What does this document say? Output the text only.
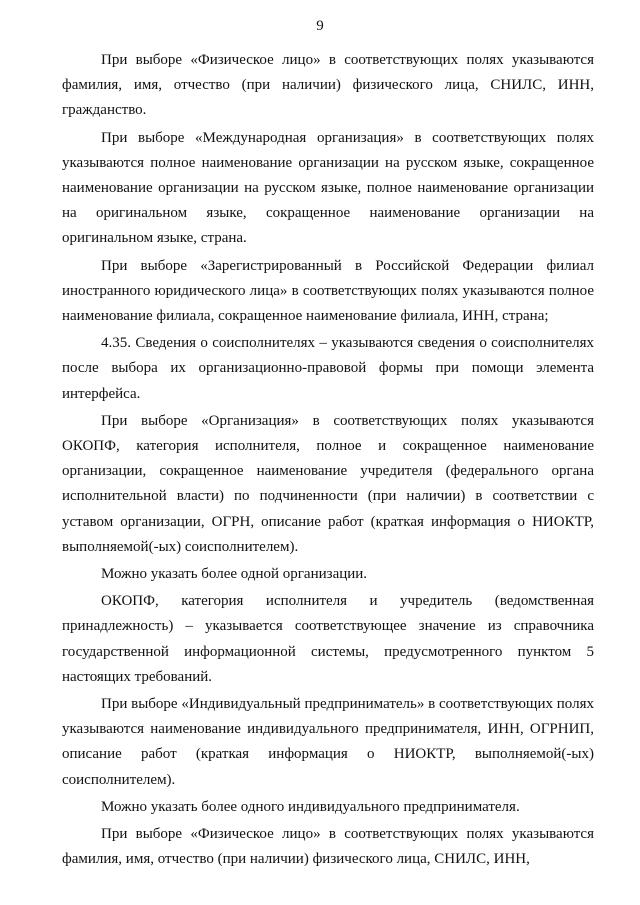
9

При выборе «Физическое лицо» в соответствующих полях указываются фамилия, имя, отчество (при наличии) физического лица, СНИЛС, ИНН, гражданство.

При выборе «Международная организация» в соответствующих полях указываются полное наименование организации на русском языке, сокращенное наименование организации на русском языке, полное наименование организации на оригинальном языке, сокращенное наименование организации на оригинальном языке, страна.

При выборе «Зарегистрированный в Российской Федерации филиал иностранного юридического лица» в соответствующих полях указываются полное наименование филиала, сокращенное наименование филиала, ИНН, страна;

4.35. Сведения о соисполнителях – указываются сведения о соисполнителях после выбора их организационно-правовой формы при помощи элемента интерфейса.

При выборе «Организация» в соответствующих полях указываются ОКОПФ, категория исполнителя, полное и сокращенное наименование организации, сокращенное наименование учредителя (федерального органа исполнительной власти) по подчиненности (при наличии) в соответствии с уставом организации, ОГРН, описание работ (краткая информация о НИОКТР, выполняемой(-ых) соисполнителем).

Можно указать более одной организации.

ОКОПФ, категория исполнителя и учредитель (ведомственная принадлежность) – указывается соответствующее значение из справочника государственной информационной системы, предусмотренного пунктом 5 настоящих требований.

При выборе «Индивидуальный предприниматель» в соответствующих полях указываются наименование индивидуального предпринимателя, ИНН, ОГРНИП, описание работ (краткая информация о НИОКТР, выполняемой(-ых) соисполнителем).

Можно указать более одного индивидуального предпринимателя.

При выборе «Физическое лицо» в соответствующих полях указываются фамилия, имя, отчество (при наличии) физического лица, СНИЛС, ИНН,
